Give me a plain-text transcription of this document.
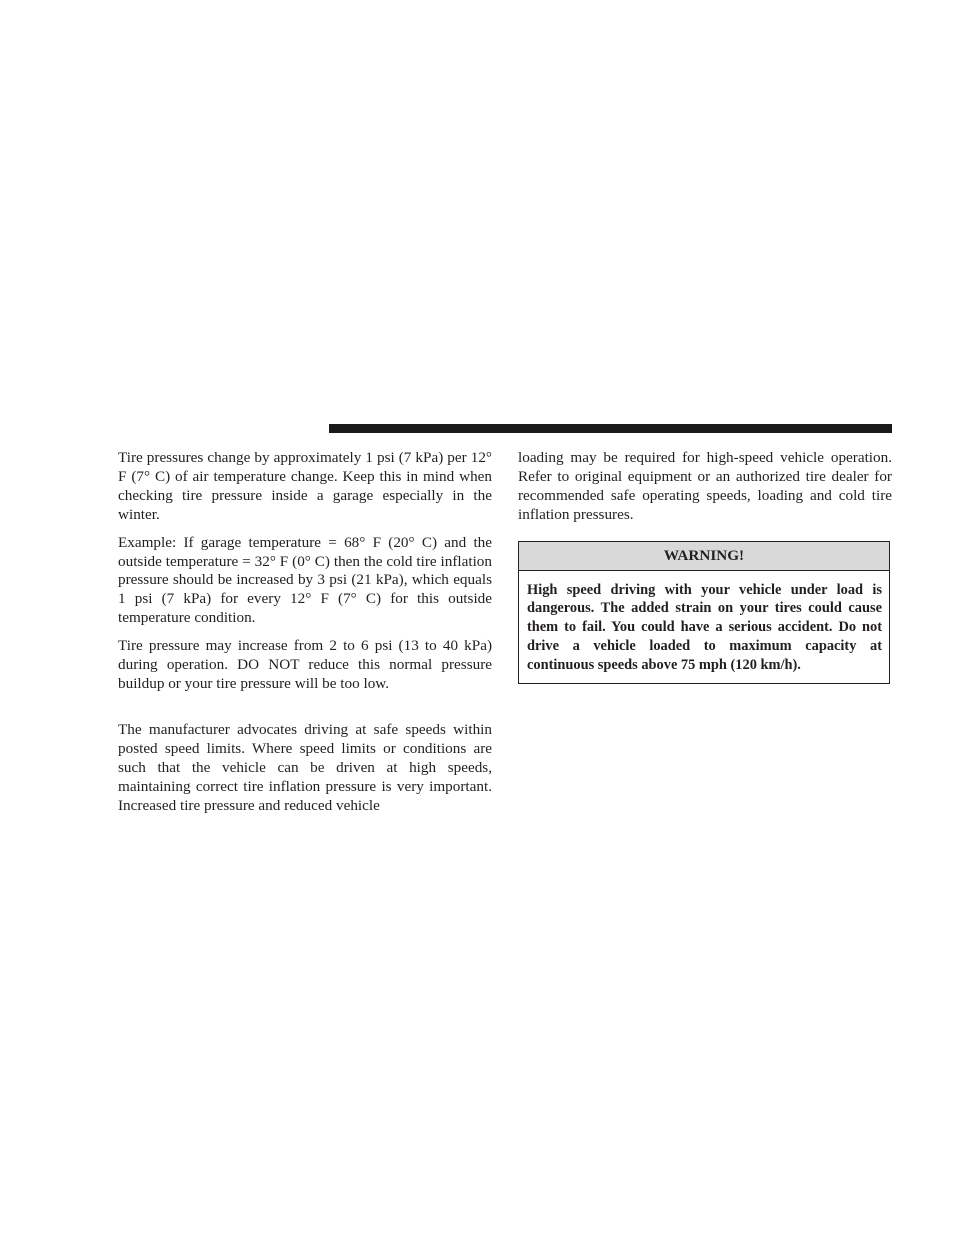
Tire pressures change by approximately 1 psi (7 kPa) per 12° F (7° C) of air temperature change. Keep this in mind when checking tire pressure inside a garage especially in the winter.

Example: If garage temperature = 68° F (20° C) and the outside temperature = 32° F (0° C) then the cold tire inflation pressure should be increased by 3 psi (21 kPa), which equals 1 psi (7 kPa) for every 12° F (7° C) for this outside temperature condition.

Tire pressure may increase from 2 to 6 psi (13 to 40 kPa) during operation. DO NOT reduce this normal pressure buildup or your tire pressure will be too low.

The manufacturer advocates driving at safe speeds within posted speed limits. Where speed limits or conditions are such that the vehicle can be driven at high speeds, maintaining correct tire inflation pressure is very important. Increased tire pressure and reduced vehicle

loading may be required for high-speed vehicle operation. Refer to original equipment or an authorized tire dealer for recommended safe operating speeds, loading and cold tire inflation pressures.

WARNING!
High speed driving with your vehicle under load is dangerous. The added strain on your tires could cause them to fail. You could have a serious accident. Do not drive a vehicle loaded to maximum capacity at continuous speeds above 75 mph (120 km/h).
